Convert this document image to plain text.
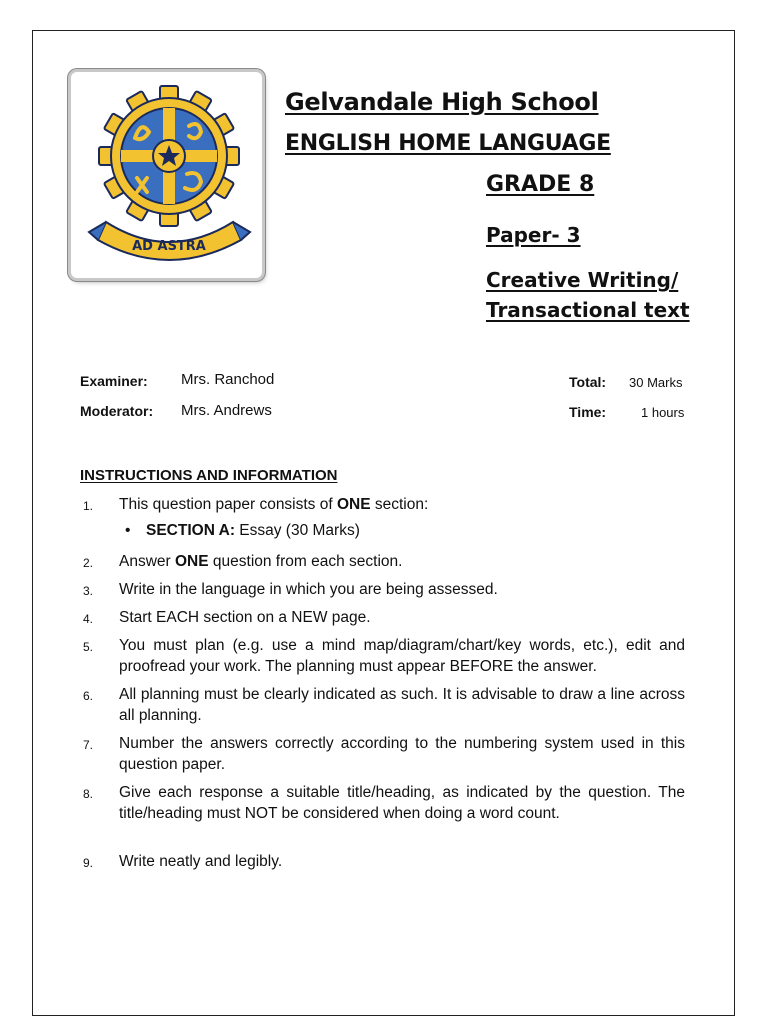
AD ASTRA
Gelvandale High School
ENGLISH HOME LANGUAGE
GRADE 8
Paper- 3
Creative Writing/
Transactional text
Examiner: Mrs. Ranchod
Moderator: Mrs. Andrews
Total: 30 Marks
Time:	1 hours
INSTRUCTIONS AND INFORMATION
1. This question paper consists of ONE section:
• SECTION A: Essay (30 Marks)
2. Answer ONE question from each section.
3. Write in the language in which you are being assessed.
4. Start EACH section on a NEW page.
5. You must plan (e.g. use a mind map/diagram/chart/key words, etc.), edit and proofread your work. The planning must appear BEFORE the answer.
6. All planning must be clearly indicated as such. It is advisable to draw a line across all planning.
7. Number the answers correctly according to the numbering system used in this question paper.
8. Give each response a suitable title/heading, as indicated by the question. The title/heading must NOT be considered when doing a word count.
9. Write neatly and legibly.
